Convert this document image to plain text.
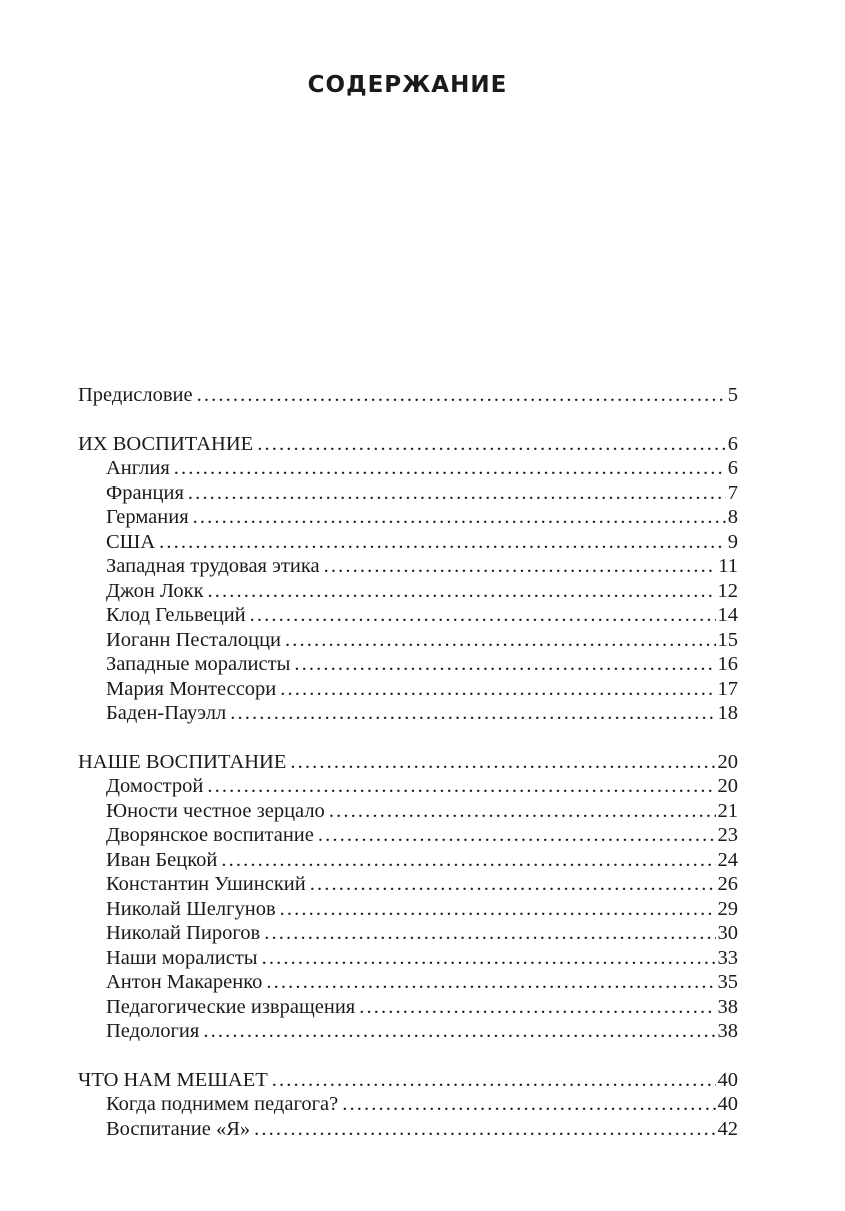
СОДЕРЖАНИЕ
Предисловие . . .	5
ИХ ВОСПИТАНИЕ . . .	6
Англия . . .	6
Франция . . .	7
Германия . . .	8
США . . .	9
Западная трудовая этика . . .	11
Джон Локк . . .	12
Клод Гельвеций . . .	14
Иоганн Песталоцци . . .	15
Западные моралисты . . .	16
Мария Монтессори . . .	17
Баден-Пауэлл . . .	18
НАШЕ ВОСПИТАНИЕ . . .	20
Домострой . . .	20
Юности честное зерцало . . .	21
Дворянское воспитание . . .	23
Иван Бецкой . . .	24
Константин Ушинский . . .	26
Николай Шелгунов . . .	29
Николай Пирогов . . .	30
Наши моралисты . . .	33
Антон Макаренко . . .	35
Педагогические извращения . . .	38
Педология . . .	38
ЧТО НАМ МЕШАЕТ . . .	40
Когда поднимем педагога? . . .	40
Воспитание «Я» . . .	42
